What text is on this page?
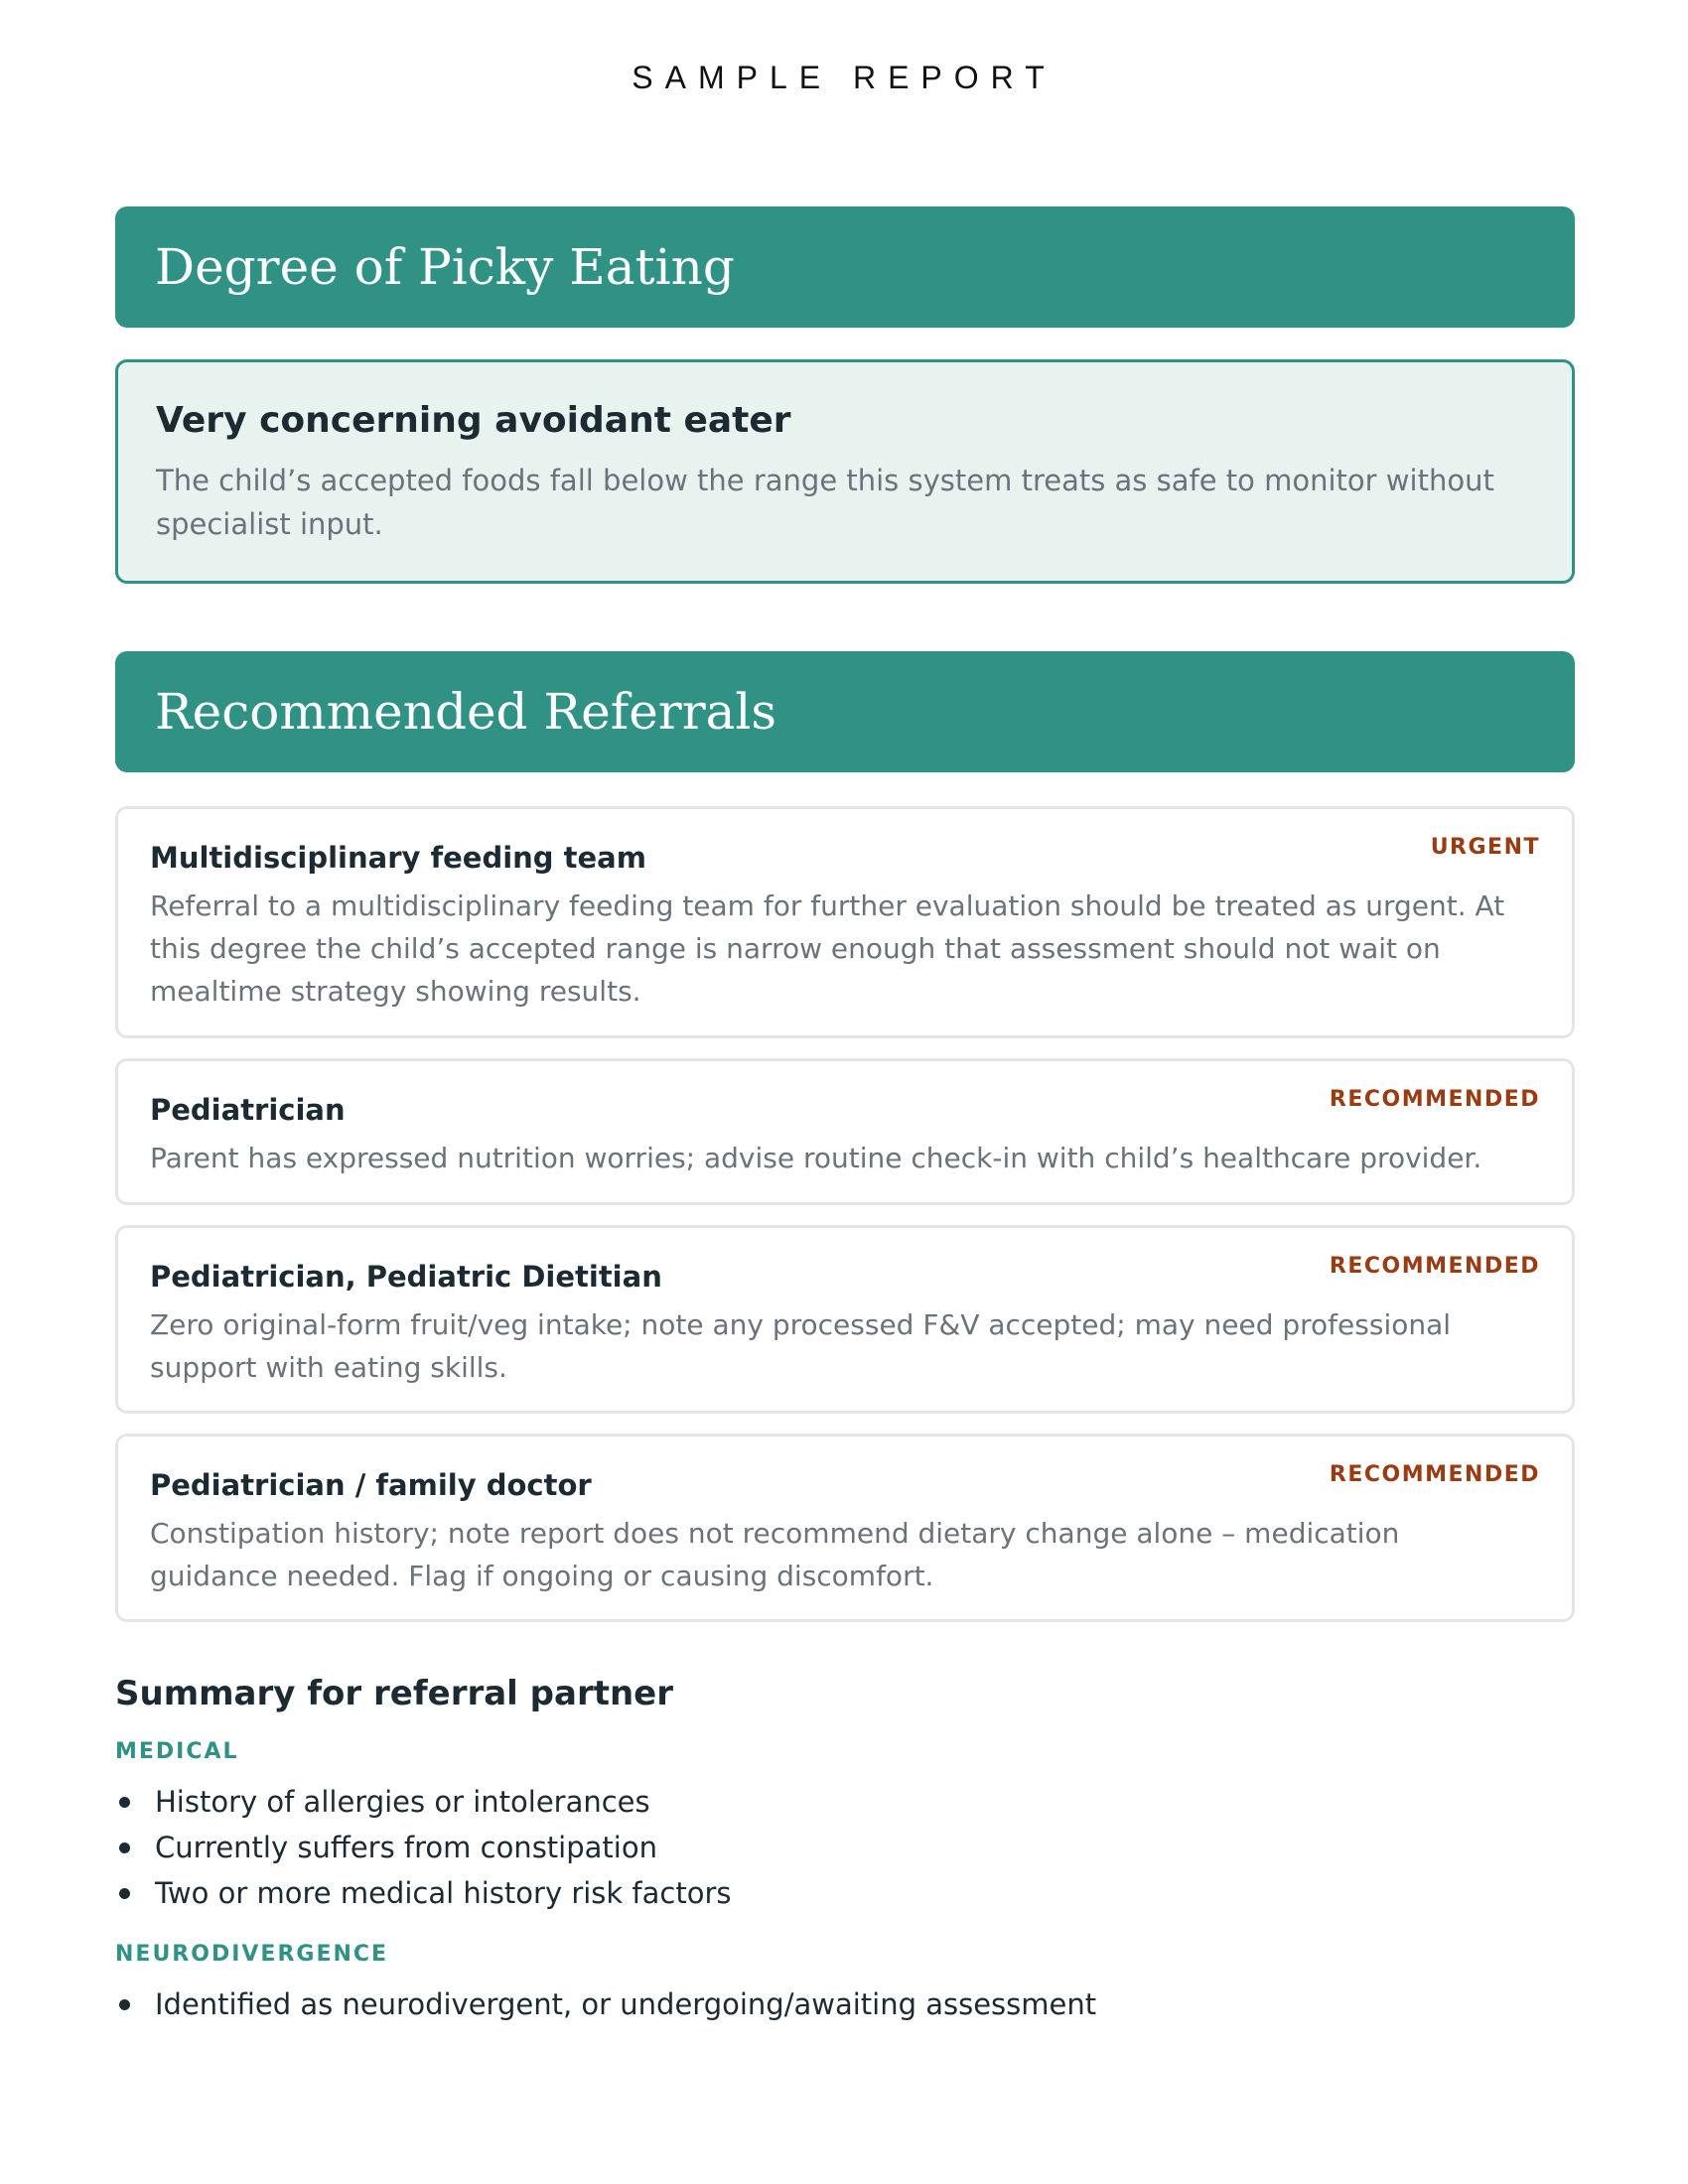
SAMPLE REPORT
Degree of Picky Eating
Very concerning avoidant eater

The child’s accepted foods fall below the range this system treats as safe to monitor without specialist input.

Recommended Referrals
Multidisciplinary feeding team	URGENT
Referral to a multidisciplinary feeding team for further evaluation should be treated as urgent. At this degree the child’s accepted range is narrow enough that assessment should not wait on mealtime strategy showing results.
Pediatrician	RECOMMENDED
Parent has expressed nutrition worries; advise routine check-in with child’s healthcare provider.
Pediatrician, Pediatric Dietitian	RECOMMENDED
Zero original-form fruit/veg intake; note any processed F&V accepted; may need professional support with eating skills.
Pediatrician / family doctor	RECOMMENDED
Constipation history; note report does not recommend dietary change alone – medication guidance needed. Flag if ongoing or causing discomfort.
Summary for referral partner
MEDICAL
History of allergies or intolerances
Currently suffers from constipation
Two or more medical history risk factors
NEURODIVERGENCE
Identified as neurodivergent, or undergoing/awaiting assessment
